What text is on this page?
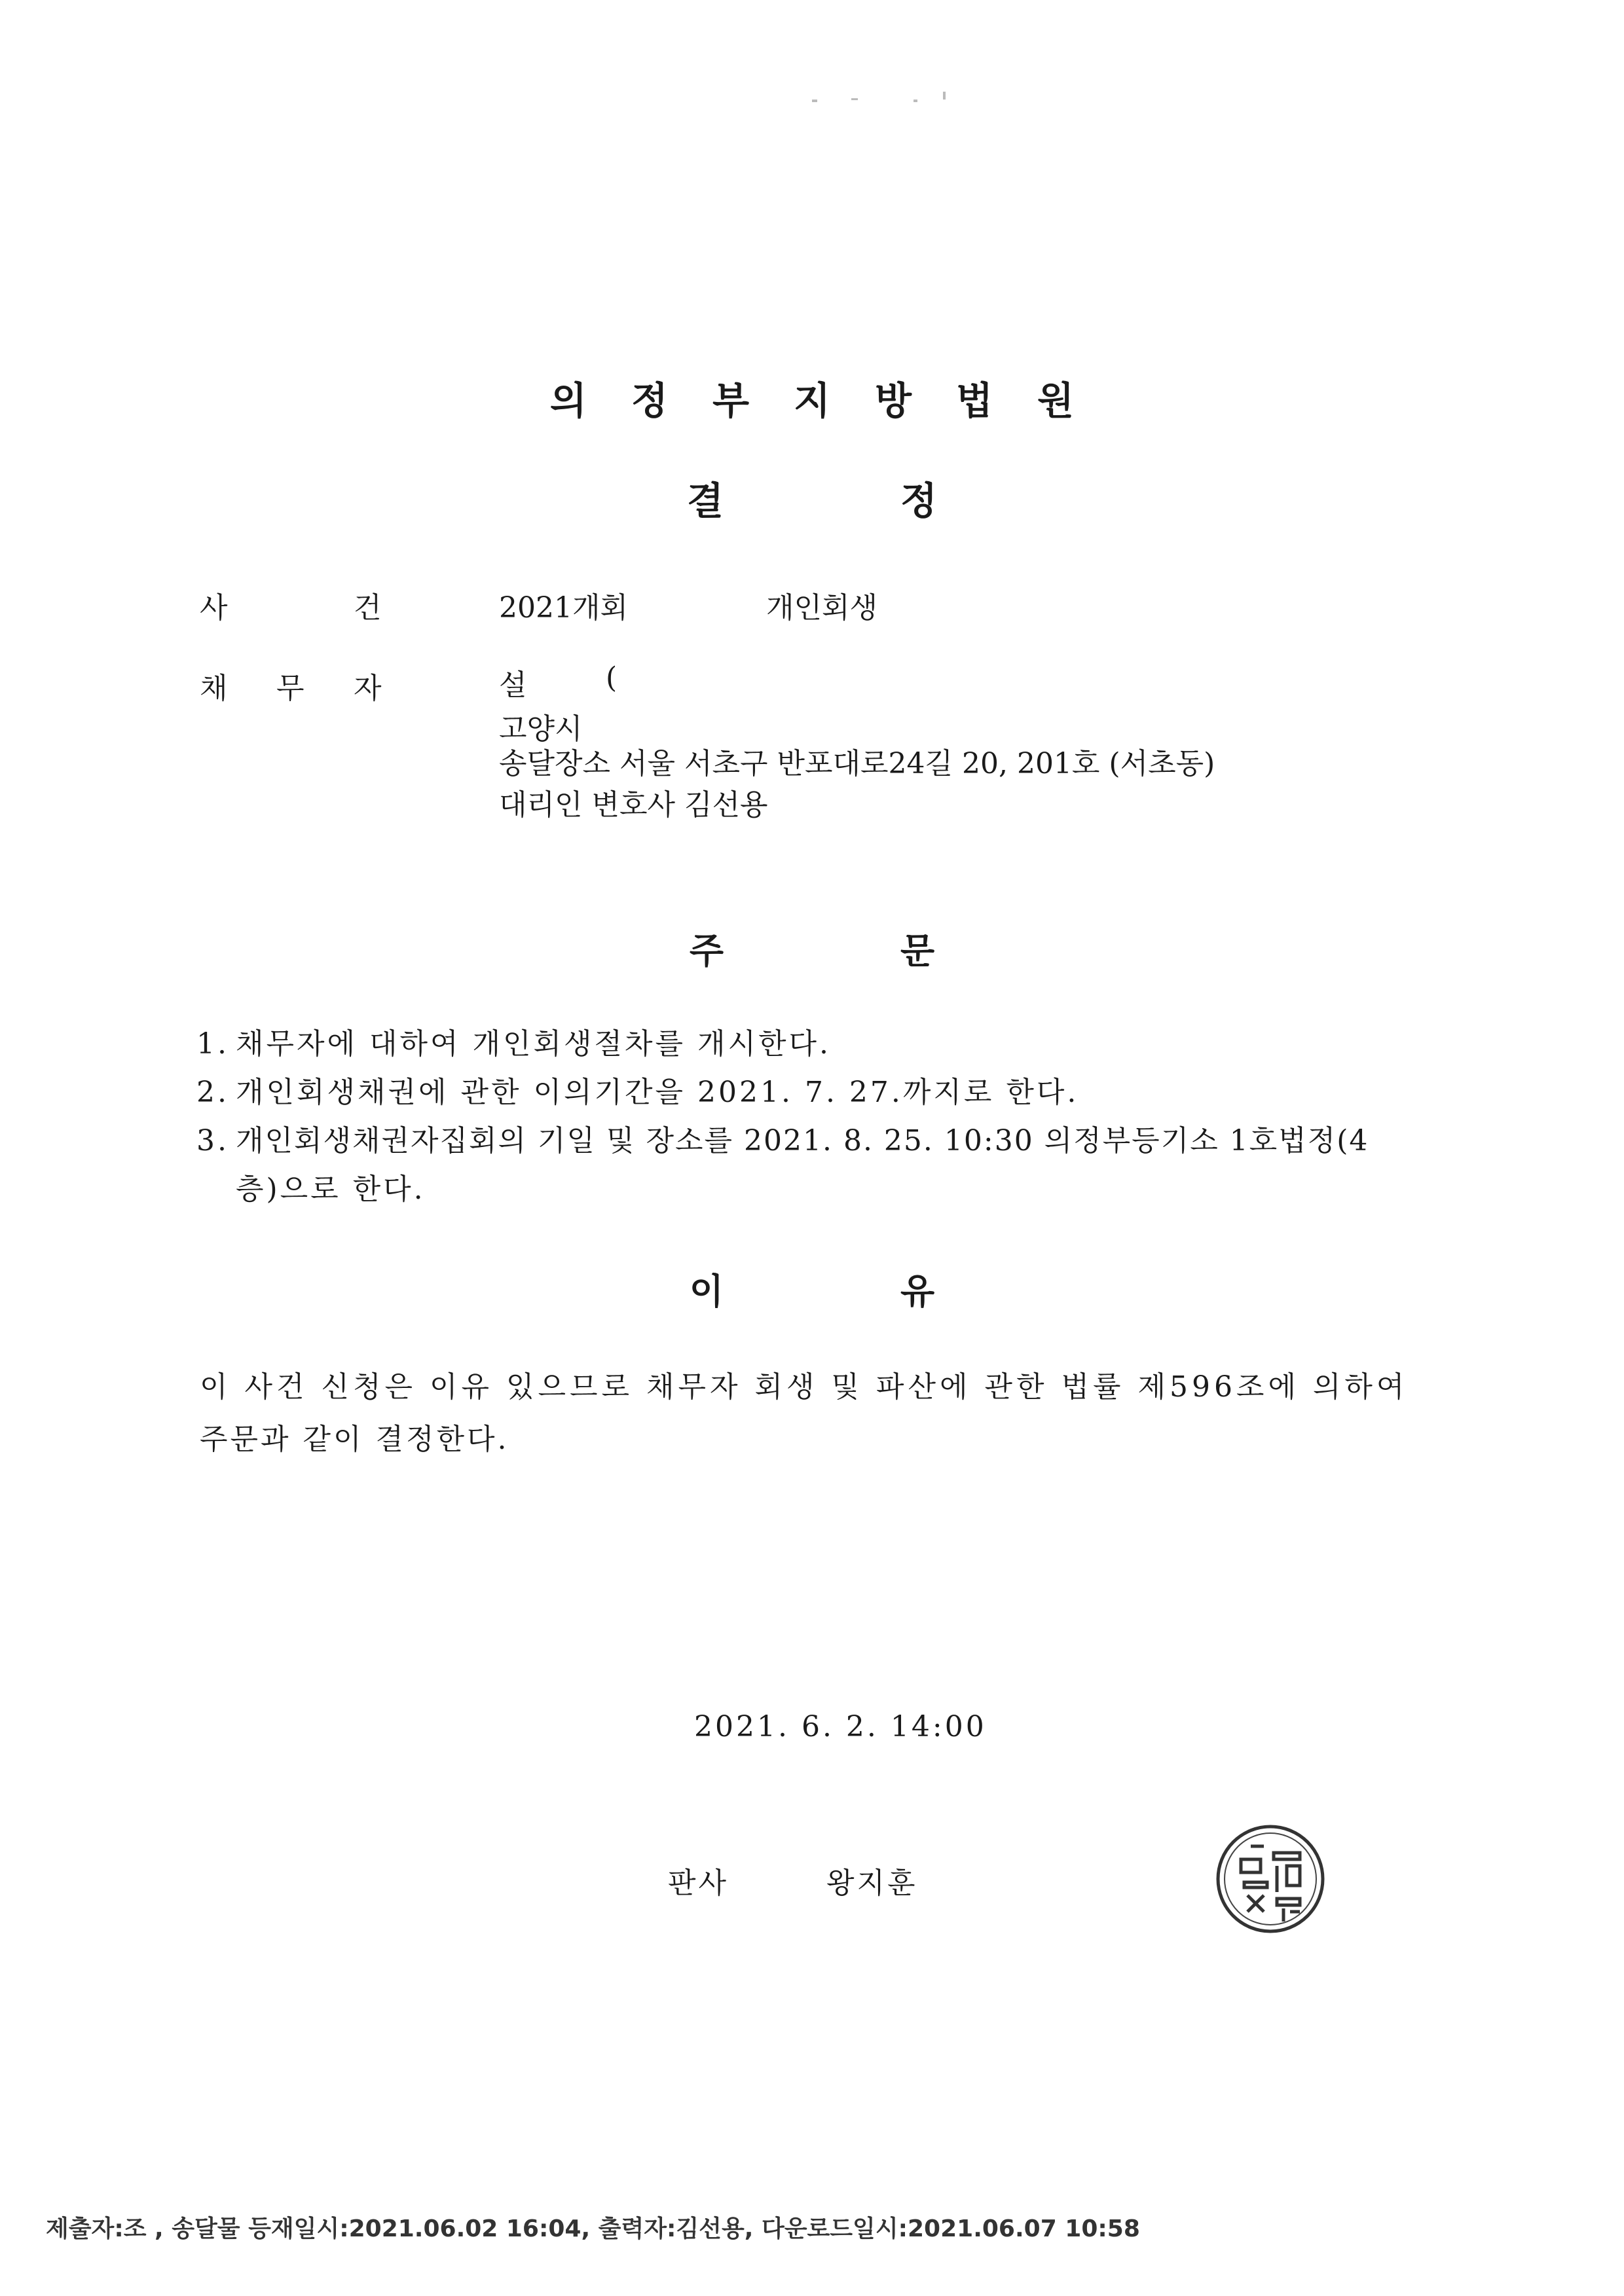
의정부지방법원
결	정
사	건	2021개회	개인회생
채 무 자	설	(
고양시
송달장소 서울 서초구 반포대로24길 20, 201호 (서초동)
대리인 변호사 김선용
주	문
1. 채무자에 대하여 개인회생절차를 개시한다.
2. 개인회생채권에 관한 이의기간을 2021. 7. 27.까지로 한다.
3. 개인회생채권자집회의 기일 및 장소를 2021. 8. 25. 10:30 의정부등기소 1호법정(4
층)으로 한다.
이	유
이 사건 신청은 이유 있으므로 채무자 회생 및 파산에 관한 법률 제596조에 의하여
주문과 같이 결정한다.
2021. 6. 2. 14:00
판사	왕지훈
제출자:조 , 송달물 등재일시:2021.06.02 16:04, 출력자:김선용, 다운로드일시:2021.06.07 10:58
